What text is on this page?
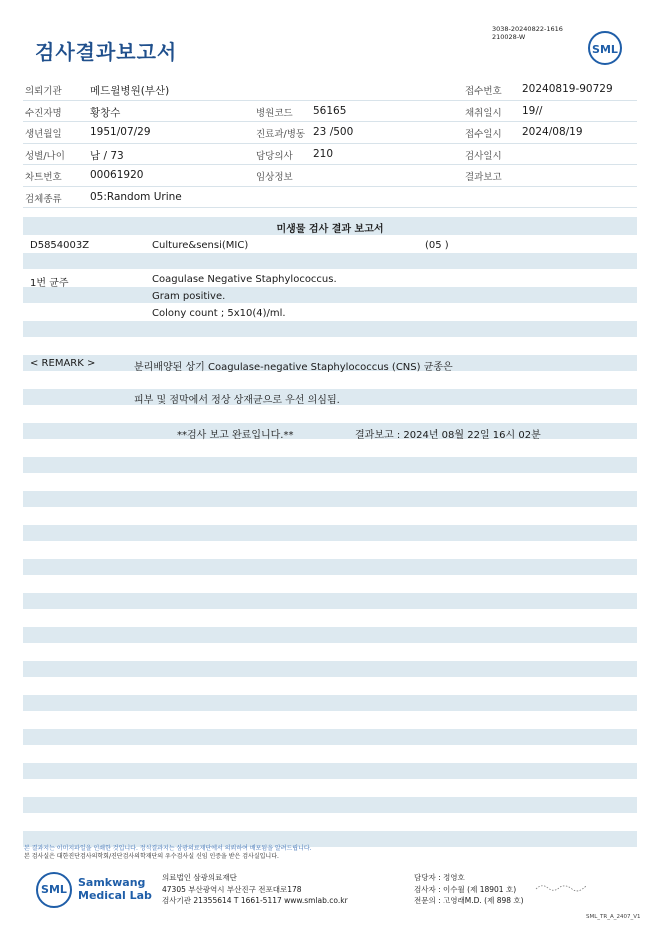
검사결과보고서
3038-20240822-1616
210028-W
SML
의뢰기관	메드윌병원(부산)	접수번호 20240819-90729
수진자명	황창수	병원코드 56165	채취일시 19//
생년월일	1951/07/29	진료과/병동 23 /500	접수일시 2024/08/19
성별/나이 남 / 73	담당의사 210	검사일시
차트번호	00061920	임상정보	결과보고
검체종류	05:Random Urine
미생물 검사 결과 보고서
D5854003Z	Culture&sensi(MIC)	(05 )
1번 균주	Coagulase Negative Staphylococcus.
Gram positive.
Colony count ; 5x10(4)/ml.
< REMARK >	분리배양된 상기 Coagulase-negative Staphylococcus (CNS) 균종은
피부 및 점막에서 정상 상재균으로 우선 의심됨.
**검사 보고 완료입니다.**	결과보고 : 2024년 08월 22일 16시 02분
본 결과지는 이미지파일을 인쇄한 것입니다. 정식결과지는 삼광의료재단에서 의뢰하여 배포됨을 알려드립니다.
본 검사실은 대한진단검사의학회/진단검사의학재단의 우수검사실 신임 인증을 받은 검사실입니다.
SML
Samkwang
Medical Lab
의료법인 삼광의료재단
47305 부산광역시 부산진구 전포대로178
검사기관 21355614 T 1661-5117 www.smlab.co.kr
담당자 : 정영호
검사자 : 이수월 (제 18901 호)
전문의 : 고영래M.D. (제 898 호)
SML_TR_A_2407_V1
